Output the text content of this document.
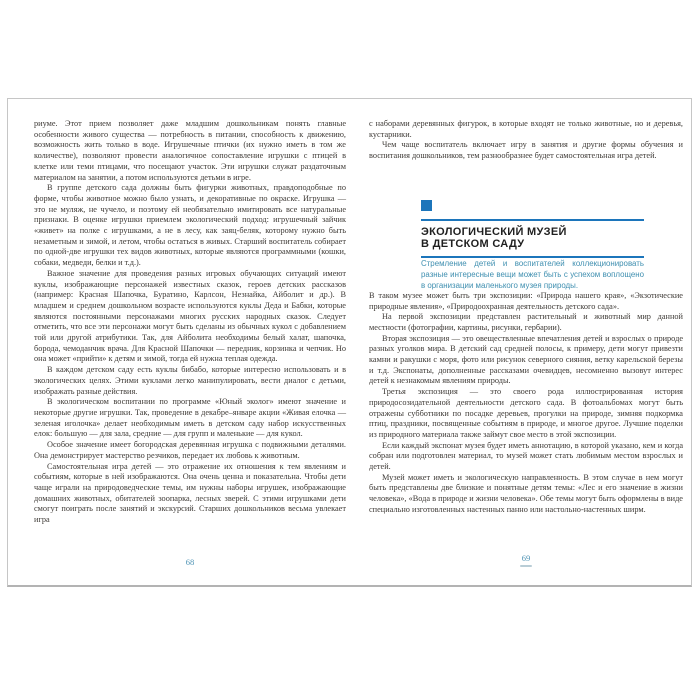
риуме. Этот прием позволяет даже младшим дошкольникам понять главные особенности живого существа — потребность в питании, способность к движению, возможность жить только в воде. Игрушечные птички (их нужно иметь в том же количестве), позволяют провести аналогичное сопоставление игрушки с птицей в клетке или теми птицами, что посещают участок. Эти игрушки служат раздаточным материалом на занятии, а потом используются детьми в игре.

В группе детского сада должны быть фигурки животных, правдоподобные по форме, чтобы животное можно было узнать, и декоративные по окраске. Игрушка — это не муляж, не чучело, и поэтому ей необязательно имитировать все натуральные признаки. В оценке игрушки приемлем экологический подход: игрушечный зайчик «живет» на полке с игрушками, а не в лесу, как заяц-беляк, которому нужно быть незаметным и зимой, и летом, чтобы остаться в живых. Старший воспитатель собирает по одной-две игрушки тех видов животных, которые являются программными (кошки, собаки, медведи, белки и т.д.).

Важное значение для проведения разных игровых обучающих ситуаций имеют куклы, изображающие персонажей известных сказок, героев детских рассказов (например: Красная Шапочка, Буратино, Карлсон, Незнайка, Айболит и др.). В младшем и среднем дошкольном возрасте используются куклы Деда и Бабки, которые являются постоянными персонажами многих русских народных сказок. Следует отметить, что все эти персонажи могут быть сделаны из обычных кукол с добавлением той или другой атрибутики. Так, для Айболита необходимы белый халат, шапочка, борода, чемоданчик врача. Для Красной Шапочки — передник, корзинка и чепчик. Но она может «прийти» к детям и зимой, тогда ей нужна теплая одежда.

В каждом детском саду есть куклы бибабо, которые интересно использовать и в экологических целях. Этими куклами легко манипулировать, вести диалог с детьми, изображать разные действия.

В экологическом воспитании по программе «Юный эколог» имеют значение и некоторые другие игрушки. Так, проведение в декабре–январе акции «Живая елочка — зеленая иголочка» делает необходимым иметь в детском саду набор искусственных елок: большую — для зала, средние — для групп и маленькие — для кукол.

Особое значение имеет богородская деревянная игрушка с подвижными деталями. Она демонстрирует мастерство резчиков, передает их любовь к животным.

Самостоятельная игра детей — это отражение их отношения к тем явлениям и событиям, которые в ней изображаются. Она очень ценна и показательна. Чтобы дети чаще играли на природоведческие темы, им нужны наборы игрушек, изображающие домашних животных, обитателей зоопарка, лесных зверей. С этими игрушками дети смогут поиграть после занятий и экскурсий. Старших дошкольников весьма увлекает игра

с наборами деревянных фигурок, в которые входят не только животные, но и деревья, кустарники.

Чем чаще воспитатель включает игру в занятия и другие формы обучения и воспитания дошкольников, тем разнообразнее будет самостоятельная игра детей.

ЭКОЛОГИЧЕСКИЙ МУЗЕЙ
В ДЕТСКОМ САДУ

Стремление детей и воспитателей коллекционировать разные интересные вещи может быть с успехом воплощено в организации маленького музея природы.

В таком музее может быть три экспозиции: «Природа нашего края», «Экзотические природные явления», «Природоохранная деятельность детского сада».

На первой экспозиции представлен растительный и животный мир данной местности (фотографии, картины, рисунки, гербарии).

Вторая экспозиция — это овеществленные впечатления детей и взрослых о природе разных уголков мира. В детский сад средней полосы, к примеру, дети могут привезти камни и ракушки с моря, фото или рисунок северного сияния, ветку карельской березы и т.д. Экспонаты, дополненные рассказами очевидцев, несомненно вызовут интерес детей к незнакомым явлениям природы.

Третья экспозиция — это своего рода иллюстрированная история природосозидательной деятельности детского сада. В фотоальбомах могут быть отражены субботники по посадке деревьев, прогулки на природе, зимняя подкормка птиц, праздники, посвященные событиям в природе, и многое другое. Лучшие поделки из природного материала также займут свое место в этой экспозиции.

Если каждый экспонат музея будет иметь аннотацию, в которой указано, кем и когда собран или подготовлен материал, то музей может стать любимым местом взрослых и детей.

Музей может иметь и экологическую направленность. В этом случае в нем могут быть представлены две близкие и понятные детям темы: «Лес и его значение в жизни человека», «Вода в природе и жизни человека». Обе темы могут быть оформлены в виде специально изготовленных настенных панно или настольно-настенных ширм.

68	69
